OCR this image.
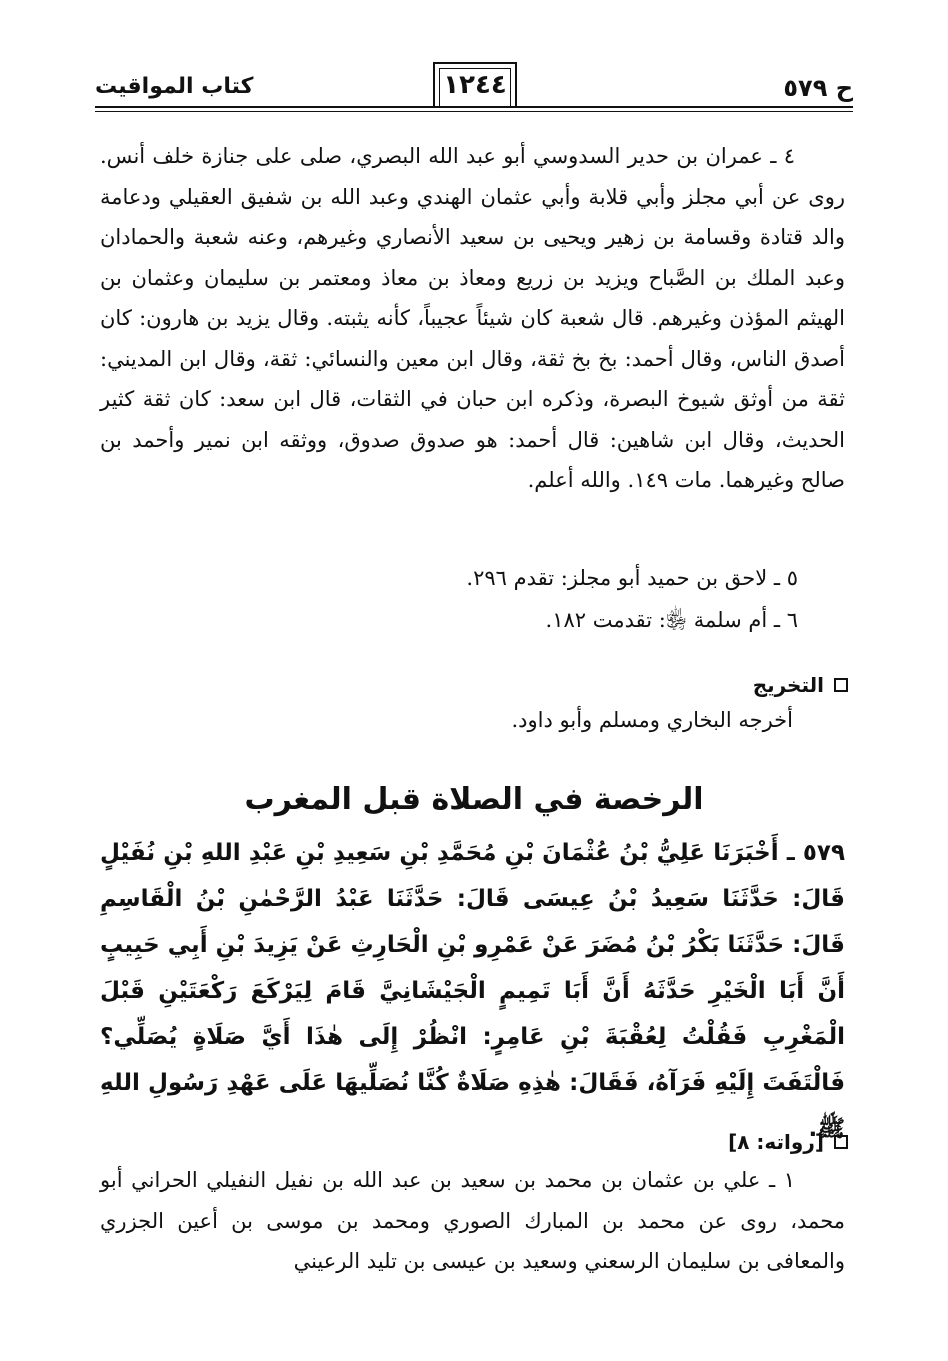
كتاب المواقيت	١٢٤٤	ح ٥٧٩

٤ ـ عمران بن حدير السدوسي أبو عبد الله البصري، صلى على جنازة خلف أنس. روى عن أبي مجلز وأبي قلابة وأبي عثمان الهندي وعبد الله بن شفيق العقيلي ودعامة والد قتادة وقسامة بن زهير ويحيى بن سعيد الأنصاري وغيرهم، وعنه شعبة والحمادان وعبد الملك بن الصَّباح ويزيد بن زريع ومعاذ بن معاذ ومعتمر بن سليمان وعثمان بن الهيثم المؤذن وغيرهم. قال شعبة كان شيئاً عجيباً، كأنه يثبته. وقال يزيد بن هارون: كان أصدق الناس، وقال أحمد: بخ بخ ثقة، وقال ابن معين والنسائي: ثقة، وقال ابن المديني: ثقة من أوثق شيوخ البصرة، وذكره ابن حبان في الثقات، قال ابن سعد: كان ثقة كثير الحديث، وقال ابن شاهين: قال أحمد: هو صدوق صدوق، ووثقه ابن نمير وأحمد بن صالح وغيرهما. مات ١٤٩. والله أعلم.

٥ ـ لاحق بن حميد أبو مجلز: تقدم ٢٩٦.
٦ ـ أم سلمة ﵂: تقدمت ١٨٢.
التخريج
أخرجه البخاري ومسلم وأبو داود.
الرخصة في الصلاة قبل المغرب

٥٧٩ ـ أَخْبَرَنَا عَلِيُّ بْنُ عُثْمَانَ بْنِ مُحَمَّدِ بْنِ سَعِيدِ بْنِ عَبْدِ اللهِ بْنِ نُفَيْلٍ قَالَ: حَدَّثَنَا سَعِيدُ بْنُ عِيسَى قَالَ: حَدَّثَنَا عَبْدُ الرَّحْمٰنِ بْنُ الْقَاسِمِ قَالَ: حَدَّثَنَا بَكْرُ بْنُ مُضَرَ عَنْ عَمْرِو بْنِ الْحَارِثِ عَنْ يَزِيدَ بْنِ أَبِي حَبِيبٍ أَنَّ أَبَا الْخَيْرِ حَدَّثَهُ أَنَّ أَبَا تَمِيمٍ الْجَيْشَانِيَّ قَامَ لِيَرْكَعَ رَكْعَتَيْنِ قَبْلَ الْمَغْرِبِ فَقُلْتُ لِعُقْبَةَ بْنِ عَامِرٍ: انْظُرْ إِلَى هٰذَا أَيَّ صَلَاةٍ يُصَلِّي؟ فَالْتَفَتَ إِلَيْهِ فَرَآهُ، فَقَالَ: هٰذِهِ صَلَاةٌ كُنَّا نُصَلِّيهَا عَلَى عَهْدِ رَسُولِ اللهِ ﷺ.

[رواته: ٨]

١ ـ علي بن عثمان بن محمد بن سعيد بن عبد الله بن نفيل النفيلي الحراني أبو محمد، روى عن محمد بن المبارك الصوري ومحمد بن موسى بن أعين الجزري والمعافى بن سليمان الرسعني وسعيد بن عيسى بن تليد الرعيني
